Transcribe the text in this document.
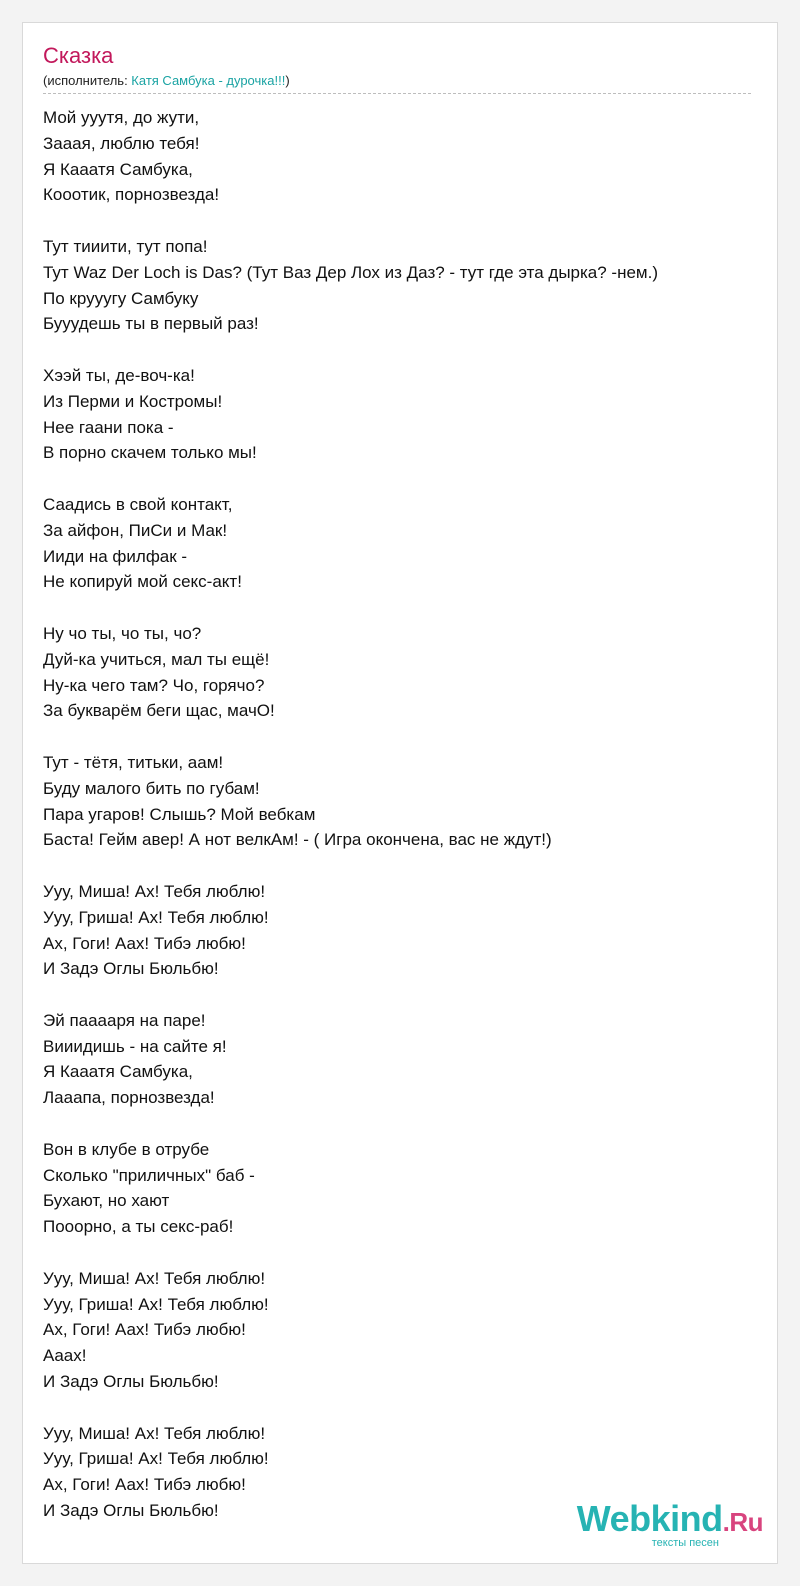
Сказка
(исполнитель: Катя Самбука - дурочка!!!)
Мой ууутя, до жути,
Зааая, люблю тебя!
Я Кааатя Самбука,
Кооотик, порнозвезда!
Тут тииити, тут попа!
Тут Waz Der Loch is Das? (Тут Ваз Дер Лох из Даз? - тут где эта дырка? -нем.)
По крууугу Самбуку
Бууудешь ты в первый раз!
Хээй ты, де-воч-ка!
Из Перми и Костромы!
Нее гаани пока -
В порно скачем только мы!
Саадись в свой контакт,
За айфон, ПиСи и Мак!
Ииди на филфак -
Не копируй мой секс-акт!
Ну чо ты, чо ты, чо?
Дуй-ка учиться, мал ты ещё!
Ну-ка чего там? Чо, горячо?
За букварём беги щас, мачО!
Тут - тётя, титьки, аам!
Буду малого бить по губам!
Пара угаров! Слышь? Мой вебкам
Баста! Гейм авер! А нот велкАм! - ( Игра окончена, вас не ждут!)
Ууу, Миша! Ах! Тебя люблю!
Ууу, Гриша! Ах! Тебя люблю!
Ах, Гоги! Аах! Тибэ любю!
И Задэ Оглы Бюльбю!
Эй пааааря на паре!
Вииидишь - на сайте я!
Я Кааатя Самбука,
Лааапа, порнозвезда!
Вон в клубе в отрубе
Сколько "приличных" баб -
Бухают, но хают
Пооорно, а ты секс-раб!
Ууу, Миша! Ах! Тебя люблю!
Ууу, Гриша! Ах! Тебя люблю!
Ах, Гоги! Аах! Тибэ любю!
Аaах!
И Задэ Оглы Бюльбю!
Ууу, Миша! Ах! Тебя люблю!
Ууу, Гриша! Ах! Тебя люблю!
Ах, Гоги! Аах! Тибэ любю!
И Задэ Оглы Бюльбю!	Webkind.Ru
тексты песен
